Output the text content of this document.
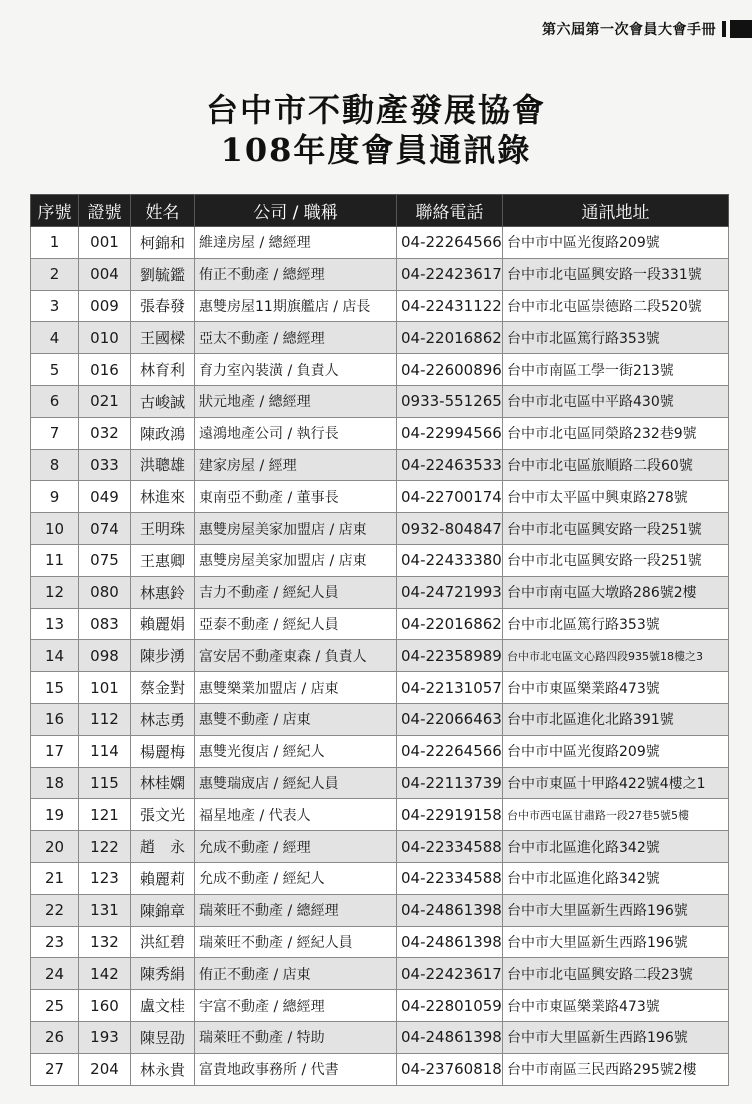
第六屆第一次會員大會手冊
台中市不動產發展協會
108年度會員通訊錄
序號	證號	姓名	公司 / 職稱	聯絡電話	通訊地址
1	001	柯錦和	維達房屋 / 總經理	04-22264566	台中市中區光復路209號
2	004	劉毓鑑	侑正不動產 / 總經理	04-22423617	台中市北屯區興安路一段331號
3	009	張春發	惠雙房屋11期旗艦店 / 店長	04-22431122	台中市北屯區崇德路二段520號
4	010	王國樑	亞太不動產 / 總經理	04-22016862	台中市北區篤行路353號
5	016	林育利	育力室內裝潢 / 負責人	04-22600896	台中市南區工學一街213號
6	021	古峻誠	狀元地產 / 總經理	0933-551265	台中市北屯區中平路430號
7	032	陳政鴻	遠鴻地產公司 / 執行長	04-22994566	台中市北屯區同榮路232巷9號
8	033	洪聰雄	建家房屋 / 經理	04-22463533	台中市北屯區旅順路二段60號
9	049	林進來	東南亞不動產 / 董事長	04-22700174	台中市太平區中興東路278號
10	074	王明珠	惠雙房屋美家加盟店 / 店東	0932-804847	台中市北屯區興安路一段251號
11	075	王惠卿	惠雙房屋美家加盟店 / 店東	04-22433380	台中市北屯區興安路一段251號
12	080	林惠鈴	吉力不動產 / 經紀人員	04-24721993	台中市南屯區大墩路286號2樓
13	083	賴麗娟	亞泰不動產 / 經紀人員	04-22016862	台中市北區篤行路353號
14	098	陳步湧	富安居不動產東森 / 負責人	04-22358989	台中市北屯區文心路四段935號18樓之3
15	101	蔡金對	惠雙樂業加盟店 / 店東	04-22131057	台中市東區樂業路473號
16	112	林志勇	惠雙不動產 / 店東	04-22066463	台中市北區進化北路391號
17	114	楊麗梅	惠雙光復店 / 經紀人	04-22264566	台中市中區光復路209號
18	115	林桂嫻	惠雙瑞宬店 / 經紀人員	04-22113739	台中市東區十甲路422號4樓之1
19	121	張文光	福星地產 / 代表人	04-22919158	台中市西屯區甘肅路一段27巷5號5樓
20	122	趙　永	允成不動產 / 經理	04-22334588	台中市北區進化路342號
21	123	賴麗莉	允成不動產 / 經紀人	04-22334588	台中市北區進化路342號
22	131	陳錦章	瑞萊旺不動產 / 總經理	04-24861398	台中市大里區新生西路196號
23	132	洪紅碧	瑞萊旺不動產 / 經紀人員	04-24861398	台中市大里區新生西路196號
24	142	陳秀絹	侑正不動產 / 店東	04-22423617	台中市北屯區興安路二段23號
25	160	盧文桂	宇富不動產 / 總經理	04-22801059	台中市東區樂業路473號
26	193	陳昱劭	瑞萊旺不動產 / 特助	04-24861398	台中市大里區新生西路196號
27	204	林永貴	富貴地政事務所 / 代書	04-23760818	台中市南區三民西路295號2樓
